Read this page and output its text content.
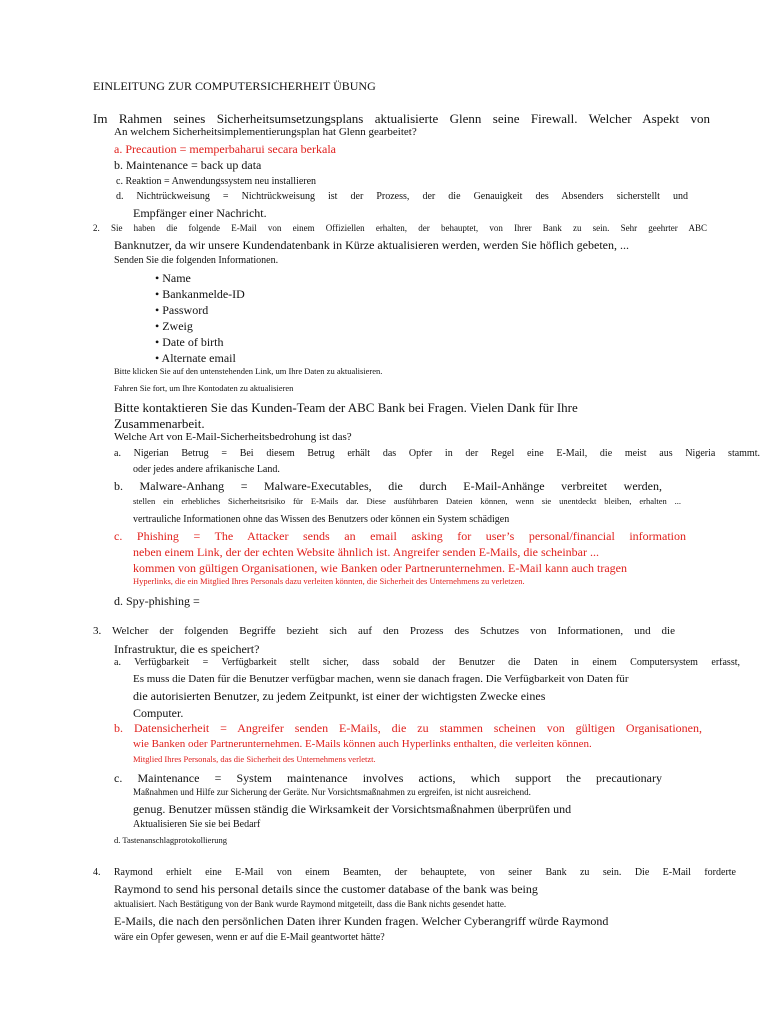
EINLEITUNG ZUR COMPUTERSICHERHEIT ÜBUNG
Im Rahmen seines Sicherheitsumsetzungsplans aktualisierte Glenn seine Firewall. Welcher Aspekt von
An welchem Sicherheitsimplementierungsplan hat Glenn gearbeitet?
a. Precaution = memperbaharui secara berkala
b. Maintenance = back up data
c. Reaktion = Anwendungssystem neu installieren
d. Nichtrückweisung = Nichtrückweisung ist der Prozess, der die Genauigkeit des Absenders sicherstellt und
Empfänger einer Nachricht.
2. Sie haben die folgende E-Mail von einem Offiziellen erhalten, der behauptet, von Ihrer Bank zu sein. Sehr geehrter ABC
Banknutzer, da wir unsere Kundendatenbank in Kürze aktualisieren werden, werden Sie höflich gebeten, ...
Senden Sie die folgenden Informationen.
• Name
• Bankanmelde-ID
• Password
• Zweig
• Date of birth
• Alternate email
Bitte klicken Sie auf den untenstehenden Link, um Ihre Daten zu aktualisieren.
Fahren Sie fort, um Ihre Kontodaten zu aktualisieren
Bitte kontaktieren Sie das Kunden-Team der ABC Bank bei Fragen. Vielen Dank für Ihre
Zusammenarbeit.
Welche Art von E-Mail-Sicherheitsbedrohung ist das?
a. Nigerian Betrug = Bei diesem Betrug erhält das Opfer in der Regel eine E-Mail, die meist aus Nigeria stammt.
oder jedes andere afrikanische Land.
b. Malware-Anhang = Malware-Executables, die durch E-Mail-Anhänge verbreitet werden,
stellen ein erhebliches Sicherheitsrisiko für E-Mails dar. Diese ausführbaren Dateien können, wenn sie unentdeckt bleiben, erhalten ...
vertrauliche Informationen ohne das Wissen des Benutzers oder können ein System schädigen
c. Phishing = The Attacker sends an email asking for user’s personal/financial information
neben einem Link, der der echten Website ähnlich ist. Angreifer senden E-Mails, die scheinbar ...
kommen von gültigen Organisationen, wie Banken oder Partnerunternehmen. E-Mail kann auch tragen
Hyperlinks, die ein Mitglied Ihres Personals dazu verleiten könnten, die Sicherheit des Unternehmens zu verletzen.
d. Spy-phishing =
3. Welcher der folgenden Begriffe bezieht sich auf den Prozess des Schutzes von Informationen, und die
Infrastruktur, die es speichert?
a. Verfügbarkeit = Verfügbarkeit stellt sicher, dass sobald der Benutzer die Daten in einem Computersystem erfasst,
Es muss die Daten für die Benutzer verfügbar machen, wenn sie danach fragen. Die Verfügbarkeit von Daten für
die autorisierten Benutzer, zu jedem Zeitpunkt, ist einer der wichtigsten Zwecke eines
Computer.
b. Datensicherheit = Angreifer senden E-Mails, die zu stammen scheinen von gültigen Organisationen,
wie Banken oder Partnerunternehmen. E-Mails können auch Hyperlinks enthalten, die verleiten können.
Mitglied Ihres Personals, das die Sicherheit des Unternehmens verletzt.
c. Maintenance = System maintenance involves actions, which support the precautionary
Maßnahmen und Hilfe zur Sicherung der Geräte. Nur Vorsichtsmaßnahmen zu ergreifen, ist nicht ausreichend.
genug. Benutzer müssen ständig die Wirksamkeit der Vorsichtsmaßnahmen überprüfen und
Aktualisieren Sie sie bei Bedarf
d. Tastenanschlagprotokollierung
4. Raymond erhielt eine E-Mail von einem Beamten, der behauptete, von seiner Bank zu sein. Die E-Mail forderte
Raymond to send his personal details since the customer database of the bank was being
aktualisiert. Nach Bestätigung von der Bank wurde Raymond mitgeteilt, dass die Bank nichts gesendet hatte.
E-Mails, die nach den persönlichen Daten ihrer Kunden fragen. Welcher Cyberangriff würde Raymond
wäre ein Opfer gewesen, wenn er auf die E-Mail geantwortet hätte?
